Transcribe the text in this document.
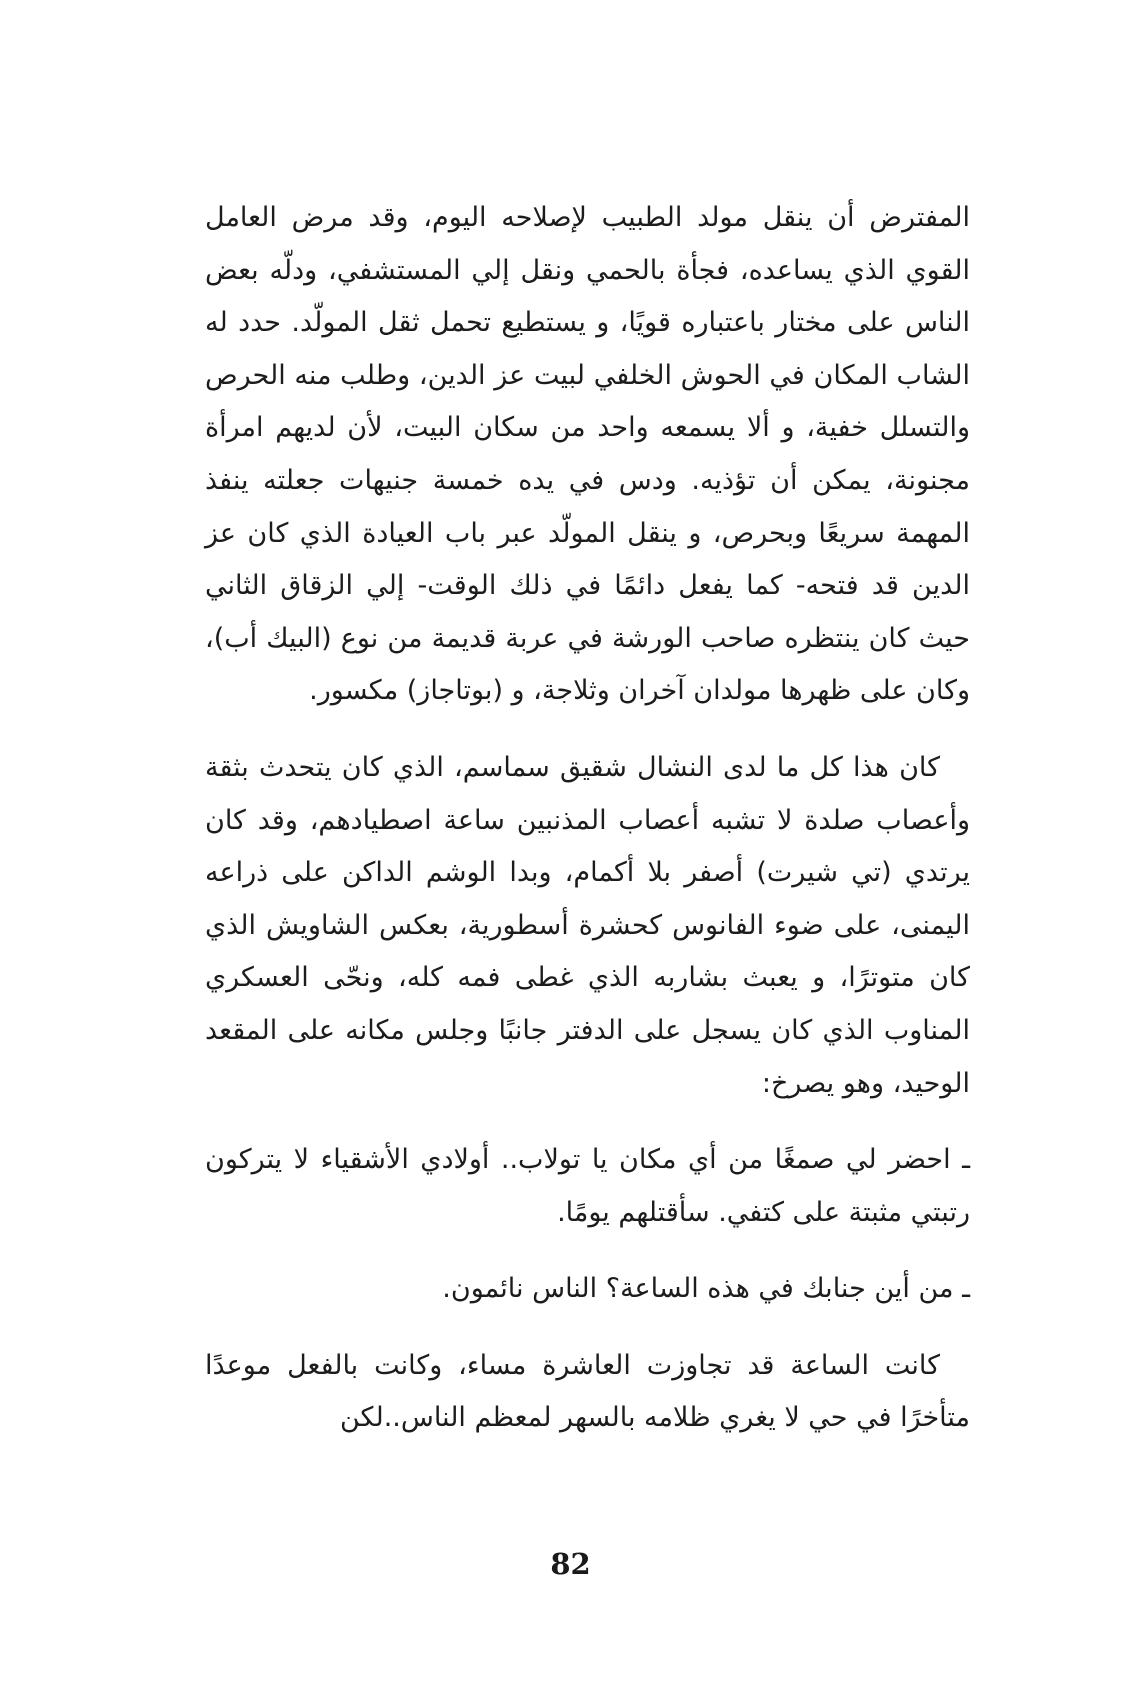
المفترض أن ينقل مولد الطبيب لإصلاحه اليوم، وقد مرض العامل القوي الذي يساعده، فجأة بالحمي ونقل إلي المستشفي، ودلّه بعض الناس على مختار باعتباره قويًا، و يستطيع تحمل ثقل المولّد. حدد له الشاب المكان في الحوش الخلفي لبيت عز الدين، وطلب منه الحرص والتسلل خفية، و ألا يسمعه واحد من سكان البيت، لأن لديهم امرأة مجنونة، يمكن أن تؤذيه. ودس في يده خمسة جنيهات جعلته ينفذ المهمة سريعًا وبحرص، و ينقل المولّد عبر باب العيادة الذي كان عز الدين قد فتحه- كما يفعل دائمًا في ذلك الوقت- إلي الزقاق الثاني حيث كان ينتظره صاحب الورشة في عربة قديمة من نوع (البيك أب)، وكان على ظهرها مولدان آخران وثلاجة، و (بوتاجاز) مكسور.

كان هذا كل ما لدى النشال شقيق سماسم، الذي كان يتحدث بثقة وأعصاب صلدة لا تشبه أعصاب المذنبين ساعة اصطيادهم، وقد كان يرتدي (تي شيرت) أصفر بلا أكمام، وبدا الوشم الداكن على ذراعه اليمنى، على ضوء الفانوس كحشرة أسطورية، بعكس الشاويش الذي كان متوترًا، و يعبث بشاربه الذي غطى فمه كله، ونحّى العسكري المناوب الذي كان يسجل على الدفتر جانبًا وجلس مكانه على المقعد الوحيد، وهو يصرخ:

ـ احضر لي صمغًا من أي مكان يا تولاب.. أولادي الأشقياء لا يتركون رتبتي مثبتة على كتفي. سأقتلهم يومًا.

ـ من أين جنابك في هذه الساعة؟ الناس نائمون.

كانت الساعة قد تجاوزت العاشرة مساء، وكانت بالفعل موعدًا متأخرًا في حي لا يغري ظلامه بالسهر لمعظم الناس..لكن

82
